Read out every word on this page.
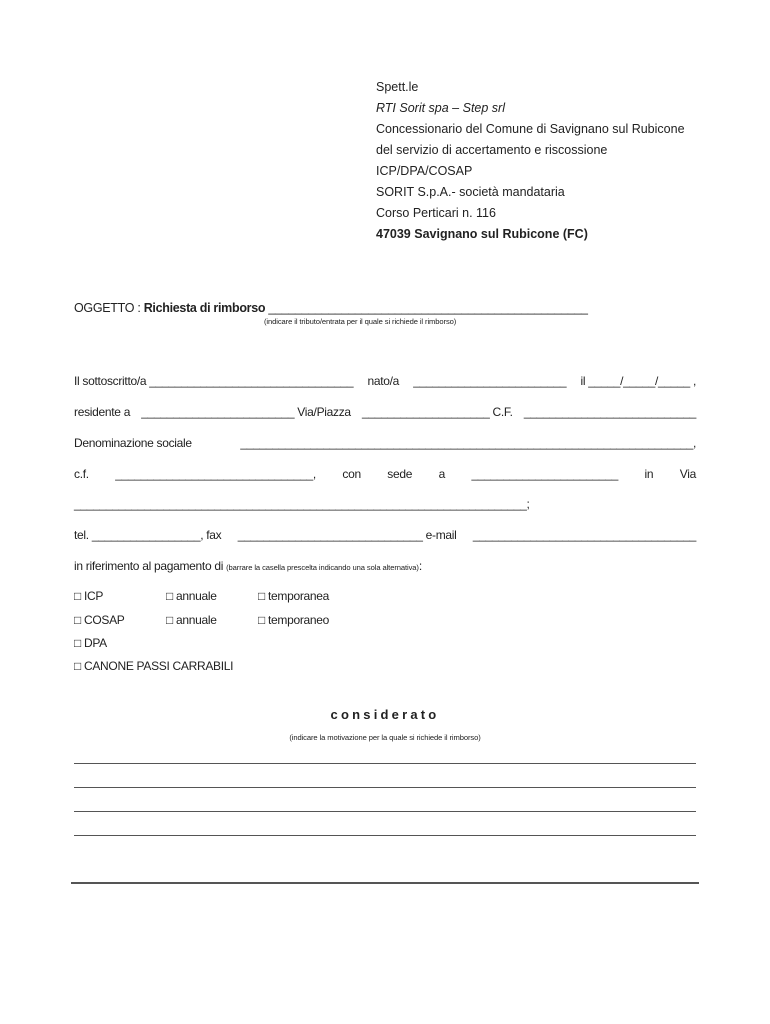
Spett.le
RTI Sorit spa – Step srl
Concessionario del Comune di Savignano sul Rubicone
del servizio di accertamento e riscossione
ICP/DPA/COSAP
SORIT S.p.A.- società mandataria
Corso Perticari n. 116
47039 Savignano sul Rubicone (FC)
OGGETTO : Richiesta di rimborso ________________________________________________
(indicare il tributo/entrata per il quale si richiede il rimborso)
Il sottoscritto/a ________________________________ nato/a ________________________ il _____/_____/_____ ,
residente a ________________________ Via/Piazza ____________________ C.F. ___________________________
Denominazione sociale	_______________________________________________________________________,
c.f. _______________________________, con sede a _______________________ in Via
_______________________________________________________________________;
tel. _________________, fax _____________________________ e-mail ___________________________________
in riferimento al pagamento di (barrare la casella prescelta indicando una sola alternativa):
□ ICP	□ annuale	□ temporanea
□ COSAP	□ annuale	□ temporaneo
□ DPA
□ CANONE PASSI CARRABILI
considerato
(indicare la motivazione per la quale si richiede il rimborso)
